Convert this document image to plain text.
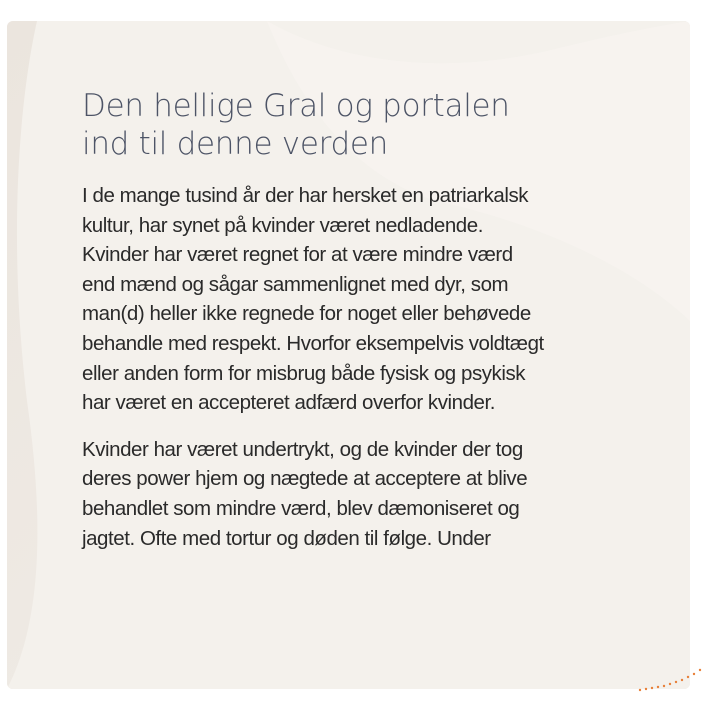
Den hellige Gral og portalen
ind til denne verden

I de mange tusind år der har hersket en patriarkalsk
kultur, har synet på kvinder været nedladende.
Kvinder har været regnet for at være mindre værd
end mænd og sågar sammenlignet med dyr, som
man(d) heller ikke regnede for noget eller behøvede
behandle med respekt. Hvorfor eksempelvis voldtægt
eller anden form for misbrug både fysisk og psykisk
har været en accepteret adfærd overfor kvinder.

Kvinder har været undertrykt, og de kvinder der tog
deres power hjem og nægtede at acceptere at blive
behandlet som mindre værd, blev dæmoniseret og
jagtet. Ofte med tortur og døden til følge. Under
